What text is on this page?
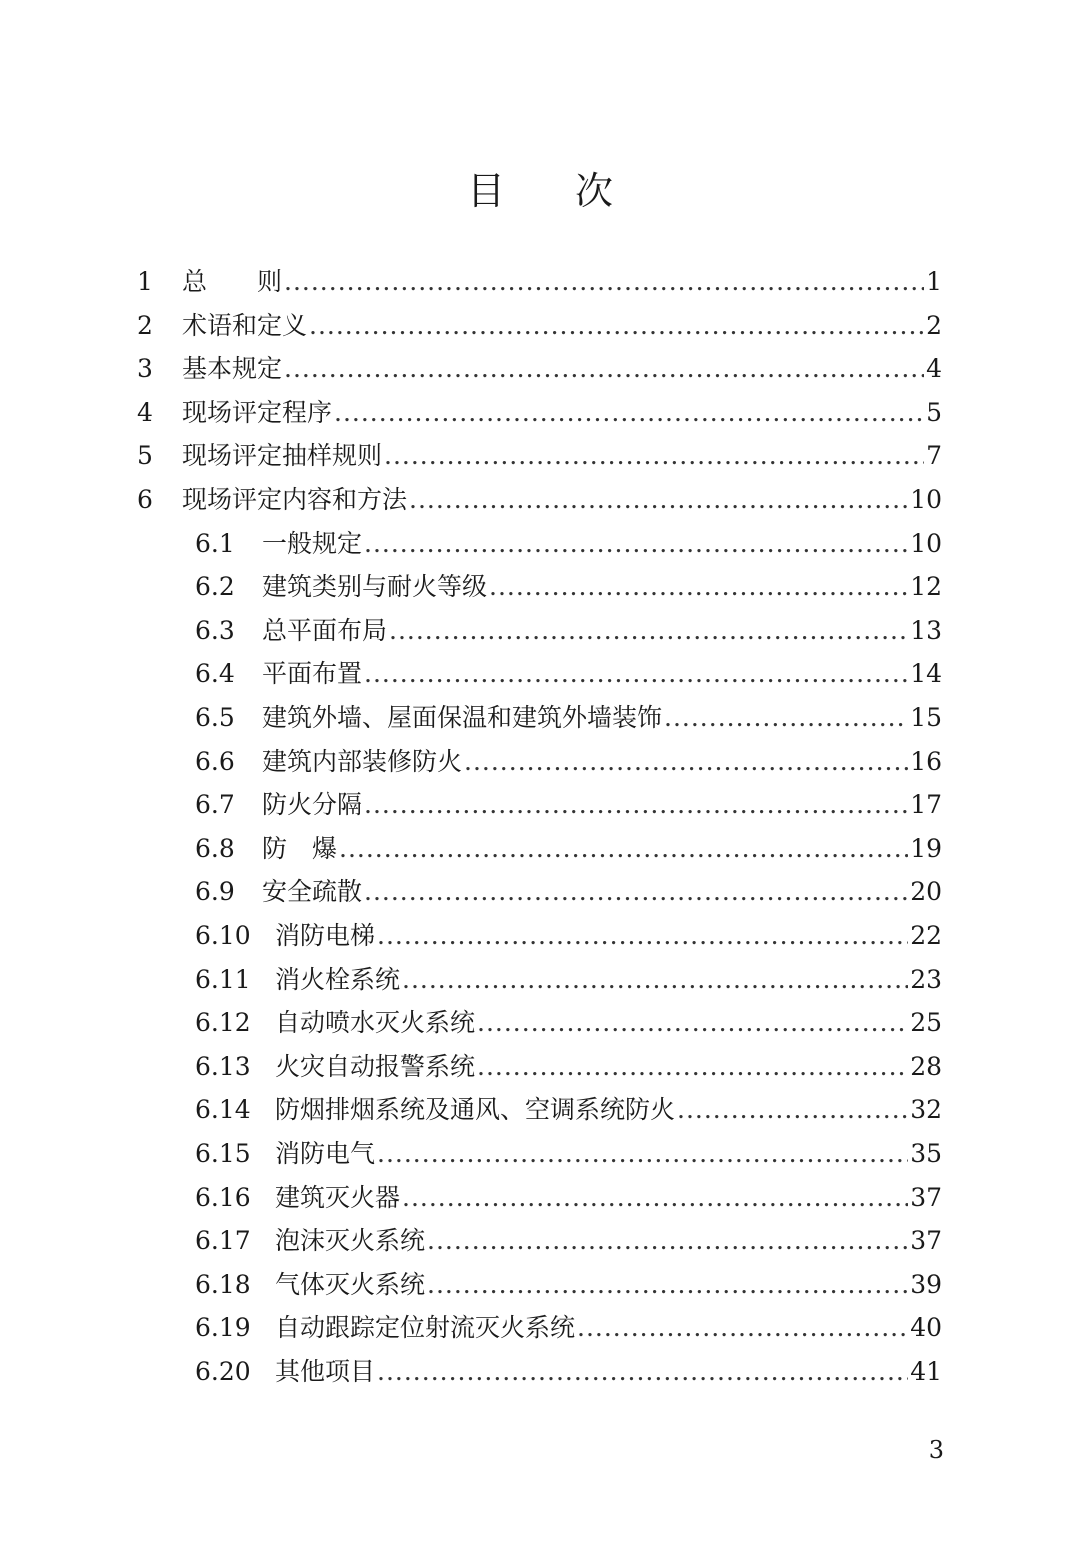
目 次
1	总　　则 .....	1
2	术语和定义 .....	2
3	基本规定 .....	4
4	现场评定程序 .....	5
5	现场评定抽样规则 .....	7
6	现场评定内容和方法 .....	10
6.1	一般规定 .....	10
6.2	建筑类别与耐火等级 .....	12
6.3	总平面布局 .....	13
6.4	平面布置 .....	14
6.5	建筑外墙、屋面保温和建筑外墙装饰 .....	15
6.6	建筑内部装修防火 .....	16
6.7	防火分隔 .....	17
6.8	防　爆 .....	19
6.9	安全疏散 .....	20
6.10 消防电梯 .....	22
6.11 消火栓系统 .....	23
6.12 自动喷水灭火系统 .....	25
6.13 火灾自动报警系统 .....	28
6.14 防烟排烟系统及通风、空调系统防火 .....	32
6.15 消防电气 .....	35
6.16 建筑灭火器 .....	37
6.17 泡沫灭火系统 .....	37
6.18 气体灭火系统 .....	39
6.19 自动跟踪定位射流灭火系统 .....	40
6.20 其他项目 .....	41
3
